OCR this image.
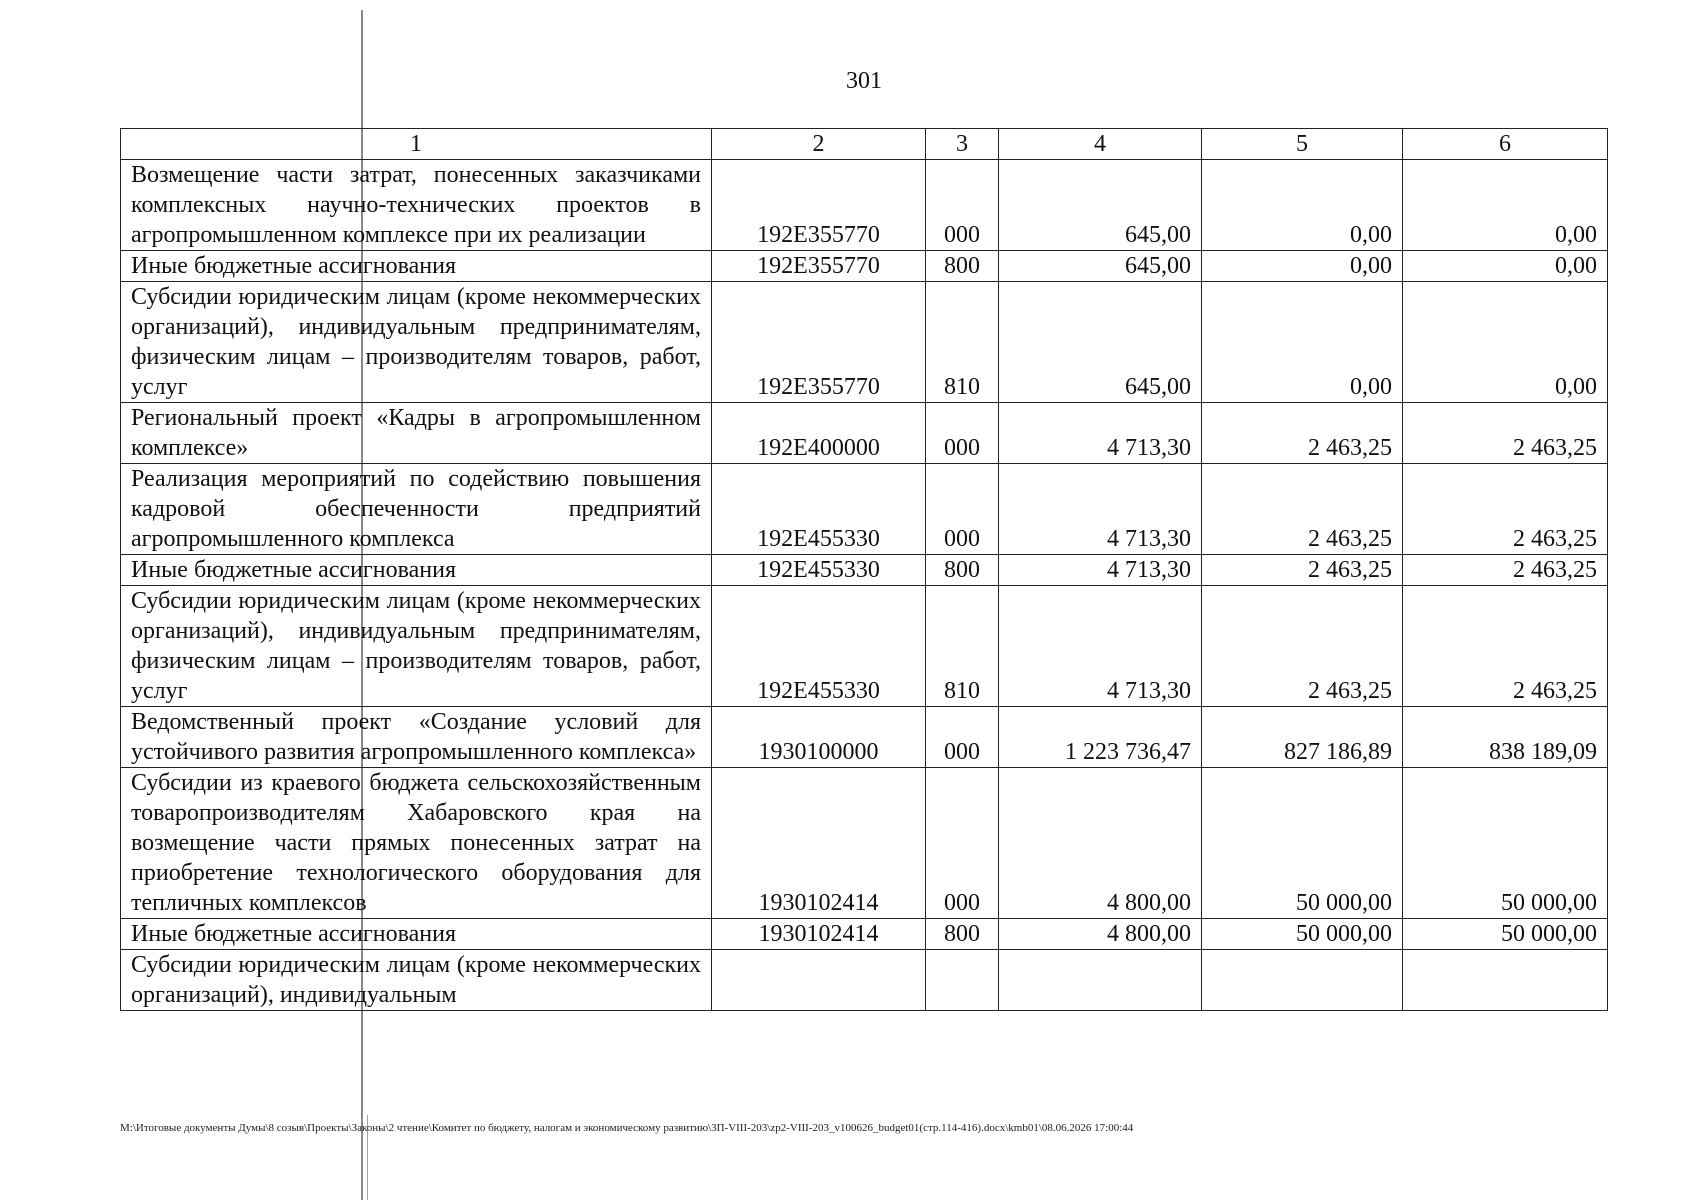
301
1	2	3	4	5	6
Возмещение части затрат, понесенных заказчиками комплексных научно-технических проектов в агропромышленном комплексе при их реализации	192E355770	000	645,00	0,00	0,00
Иные бюджетные ассигнования	192E355770	800	645,00	0,00	0,00
Субсидии юридическим лицам (кроме некоммерческих организаций), индивидуальным предпринимателям, физическим лицам – производителям товаров, работ, услуг	192E355770	810	645,00	0,00	0,00
Региональный проект «Кадры в агропромышленном комплексе»	192E400000	000	4 713,30	2 463,25	2 463,25
Реализация мероприятий по содействию повышения кадровой обеспеченности предприятий агропромышленного комплекса	192E455330	000	4 713,30	2 463,25	2 463,25
Иные бюджетные ассигнования	192E455330	800	4 713,30	2 463,25	2 463,25
Субсидии юридическим лицам (кроме некоммерческих организаций), индивидуальным предпринимателям, физическим лицам – производителям товаров, работ, услуг	192E455330	810	4 713,30	2 463,25	2 463,25
Ведомственный проект «Создание условий для устойчивого развития агропромышленного комплекса»	1930100000	000	1 223 736,47	827 186,89	838 189,09
Субсидии из краевого бюджета сельскохозяйственным товаропроизводителям Хабаровского края на возмещение части прямых понесенных затрат на приобретение технологического оборудования для тепличных комплексов	1930102414	000	4 800,00	50 000,00	50 000,00
Иные бюджетные ассигнования	1930102414	800	4 800,00	50 000,00	50 000,00
Субсидии юридическим лицам (кроме некоммерческих организаций), индивидуальным					
М:\Итоговые документы Думы\8 созыв\Проекты\Законы\2 чтение\Комитет по бюджету, налогам и экономическому развитию\3П-VIII-203\zp2-VIII-203_v100626_budget01(стр.114-416).docx\kmb01\08.06.2026 17:00:44
